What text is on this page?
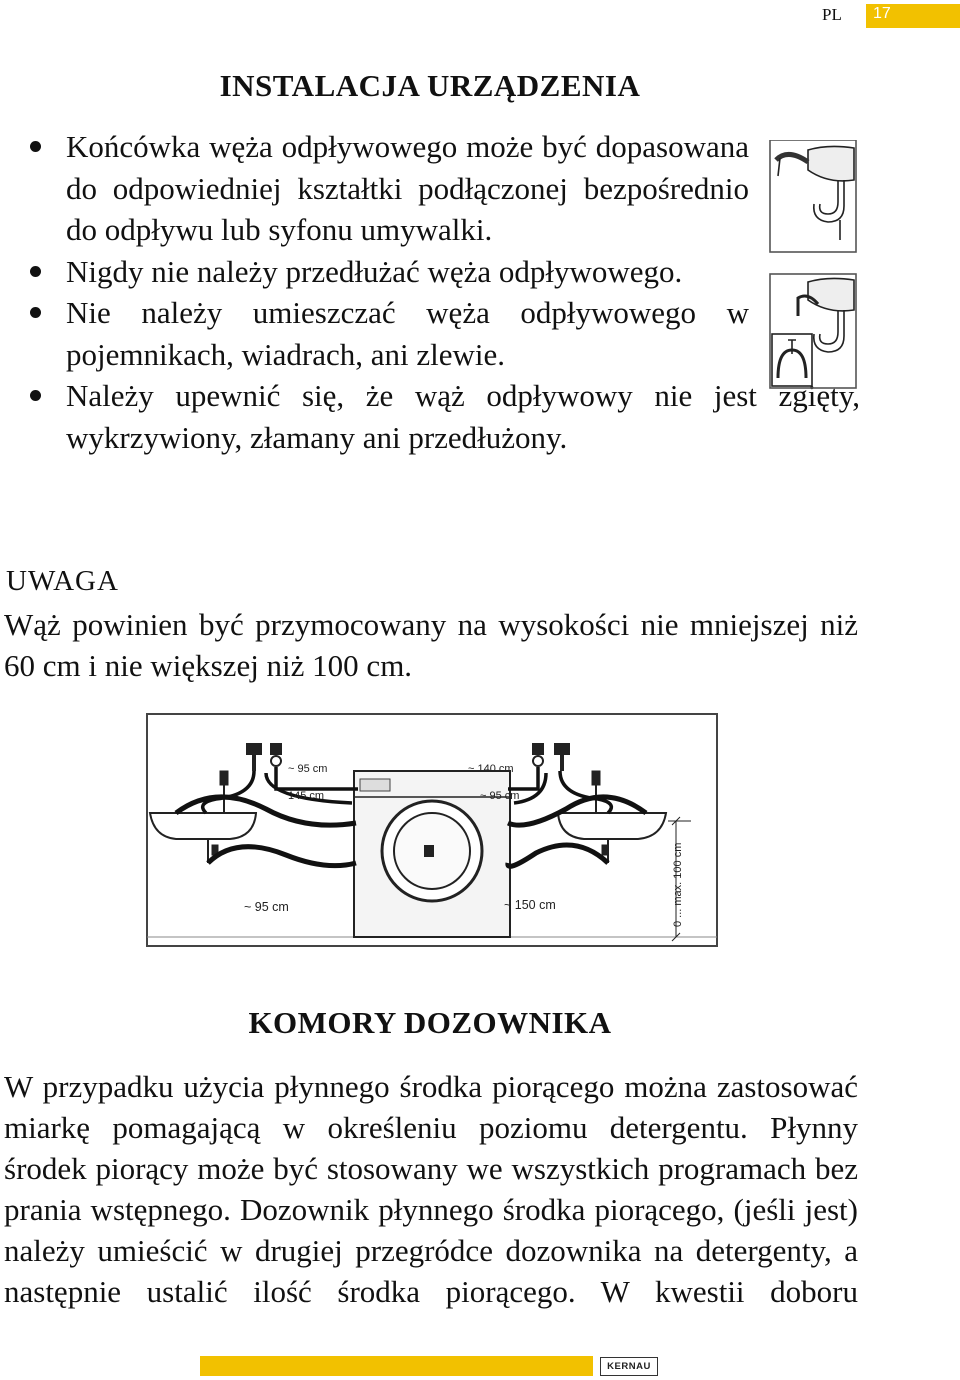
PL 17
INSTALACJA URZĄDZENIA
Końcówka węża odpływowego może być dopasowana do odpowiedniej kształtki podłączonej bezpośrednio do odpływu lub syfonu umywalki.
Nigdy nie należy przedłużać węża odpływowego.
Nie należy umieszczać węża odpływowego w pojemnikach, wiadrach, ani zlewie.
Należy upewnić się, że wąż odpływowy nie jest zgięty, wykrzywiony, złamany ani przedłużony.
UWAGA
Wąż powinien być przymocowany na wysokości nie mniejszej niż 60 cm i nie większej niż 100 cm.
~ 95 cm
145 cm
~ 140 cm
~ 95 cm
~ 95 cm	~ 150 cm	0 ... max. 100 cm
KOMORY DOZOWNIKA
W przypadku użycia płynnego środka piorącego można zastosować miarkę pomagającą w określeniu poziomu detergentu. Płynny środek piorący może być stosowany we wszystkich programach bez prania wstępnego. Dozownik płynnego środka piorącego, (jeśli jest) należy umieścić w drugiej przegródce dozownika na detergenty, a następnie ustalić ilość środka piorącego. W kwestii doboru
KERNAU
